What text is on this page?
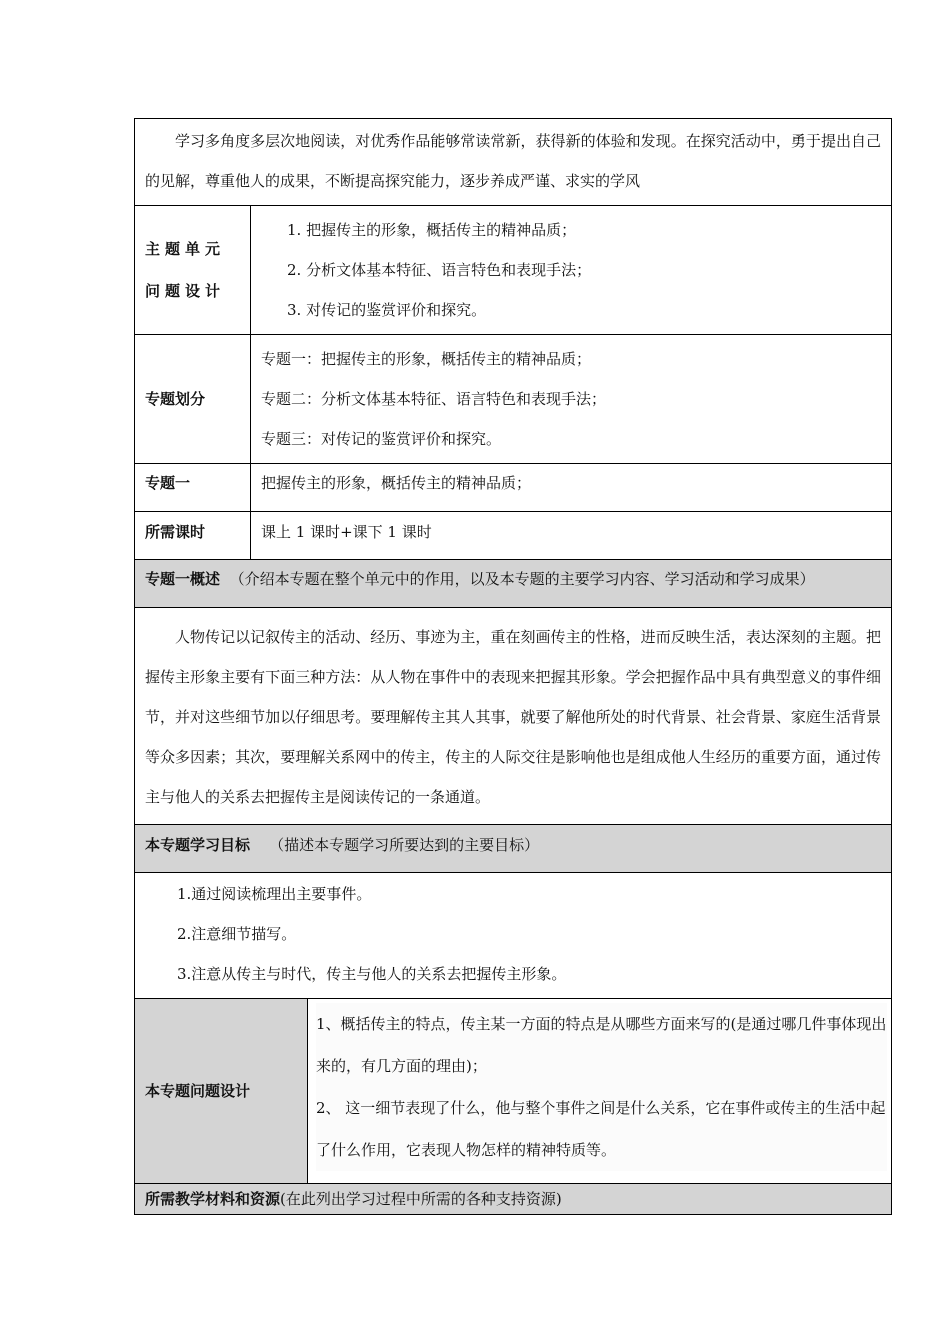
学习多角度多层次地阅读，对优秀作品能够常读常新，获得新的体验和发现。在探究活动中，勇于提出自己的见解，尊重他人的成果，不断提高探究能力，逐步养成严谨、求实的学风		

主题单元问题设计	1. 把握传主的形象，概括传主的精神品质；
2. 分析文体基本特征、语言特色和表现手法；
3. 对传记的鉴赏评价和探究。	

专题划分	专题一：把握传主的形象，概括传主的精神品质；
专题二：分析文体基本特征、语言特色和表现手法；
专题三：对传记的鉴赏评价和探究。	

专题一	把握传主的形象，概括传主的精神品质；	

所需课时	课上 1 课时+课下 1 课时	

专题一概述 （介绍本专题在整个单元中的作用，以及本专题的主要学习内容、学习活动和学习成果）		

人物传记以记叙传主的活动、经历、事迹为主，重在刻画传主的性格，进而反映生活，表达深刻的主题。把握传主形象主要有下面三种方法：从人物在事件中的表现来把握其形象。学会把握作品中具有典型意义的事件细节，并对这些细节加以仔细思考。要理解传主其人其事，就要了解他所处的时代背景、社会背景、家庭生活背景等众多因素；其次，要理解关系网中的传主，传主的人际交往是影响他也是组成他人生经历的重要方面，通过传主与他人的关系去把握传主是阅读传记的一条通道。		

本专题学习目标 （描述本专题学习所要达到的主要目标）		

1.通过阅读梳理出主要事件。
2.注意细节描写。
3.注意从传主与时代，传主与他人的关系去把握传主形象。		

本专题问题设计		1、概括传主的特点，传主某一方面的特点是从哪些方面来写的(是通过哪几件事体现出来的，有几方面的理由)；

2、 这一细节表现了什么，他与整个事件之间是什么关系，它在事件或传主的生活中起了什么作用，它表现人物怎样的精神特质等。

所需教学材料和资源(在此列出学习过程中所需的各种支持资源)		
